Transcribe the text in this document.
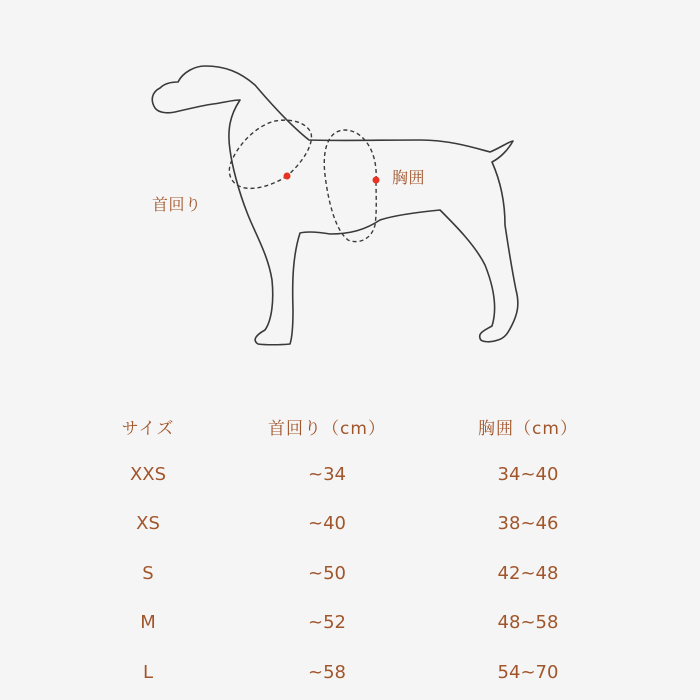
首回り
胸囲
サイズ	首回り（cm）	胸囲（cm）
XXS	~34	34~40
XS	~40	38~46
S	~50	42~48
M	~52	48~58
L	~58	54~70
